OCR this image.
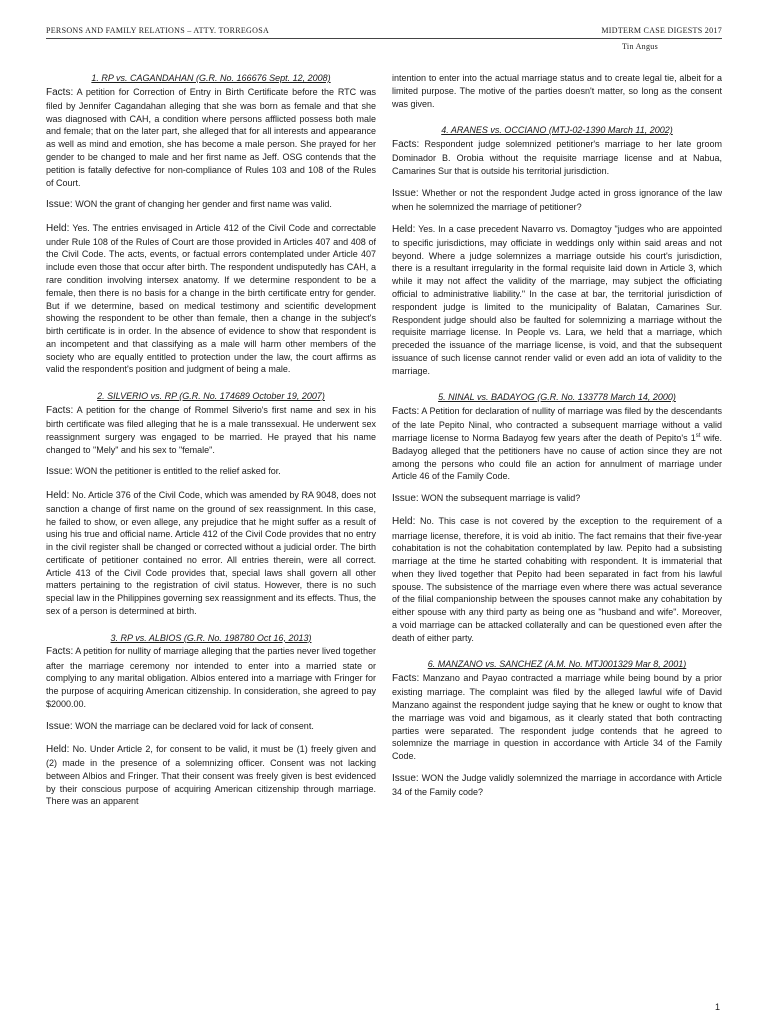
PERSONS AND FAMILY RELATIONS – ATTY. TORREGOSA	MIDTERM CASE DIGESTS 2017
Tin Angus
1. RP vs. CAGANDAHAN (G.R. No. 166676 Sept. 12, 2008)
Facts: A petition for Correction of Entry in Birth Certificate before the RTC was filed by Jennifer Cagandahan alleging that she was born as female and that she was diagnosed with CAH, a condition where persons afflicted possess both male and female; that on the later part, she alleged that for all interests and appearance as well as mind and emotion, she has become a male person. She prayed for her gender to be changed to male and her first name as Jeff. OSG contends that the petition is fatally defective for non-compliance of Rules 103 and 108 of the Rules of Court.
Issue: WON the grant of changing her gender and first name was valid.
Held: Yes. The entries envisaged in Article 412 of the Civil Code and correctable under Rule 108 of the Rules of Court are those provided in Articles 407 and 408 of the Civil Code. The acts, events, or factual errors contemplated under Article 407 include even those that occur after birth. The respondent undisputedly has CAH, a rare condition involving intersex anatomy. If we determine respondent to be a female, then there is no basis for a change in the birth certificate entry for gender. But if we determine, based on medical testimony and scientific development showing the respondent to be other than female, then a change in the subject's birth certificate is in order. In the absence of evidence to show that respondent is an incompetent and that classifying as a male will harm other members of the society who are equally entitled to protection under the law, the court affirms as valid the respondent's position and judgment of being a male.
2. SILVERIO vs. RP (G.R. No. 174689 October 19, 2007)
Facts: A petition for the change of Rommel Silverio's first name and sex in his birth certificate was filed alleging that he is a male transsexual. He underwent sex reassignment surgery was engaged to be married. He prayed that his name changed to "Mely" and his sex to "female".
Issue: WON the petitioner is entitled to the relief asked for.
Held: No. Article 376 of the Civil Code, which was amended by RA 9048, does not sanction a change of first name on the ground of sex reassignment. In this case, he failed to show, or even allege, any prejudice that he might suffer as a result of using his true and official name. Article 412 of the Civil Code provides that no entry in the civil register shall be changed or corrected without a judicial order. The birth certificate of petitioner contained no error. All entries therein, were all correct. Article 413 of the Civil Code provides that, special laws shall govern all other matters pertaining to the registration of civil status. However, there is no such special law in the Philippines governing sex reassignment and its effects. Thus, the sex of a person is determined at birth.
3. RP vs. ALBIOS (G.R. No. 198780 Oct 16, 2013)
Facts: A petition for nullity of marriage alleging that the parties never lived together after the marriage ceremony nor intended to enter into a married state or complying to any marital obligation. Albios entered into a marriage with Fringer for the purpose of acquiring American citizenship. In consideration, she agreed to pay $2000.00.
Issue: WON the marriage can be declared void for lack of consent.
Held: No. Under Article 2, for consent to be valid, it must be (1) freely given and (2) made in the presence of a solemnizing officer. Consent was not lacking between Albios and Fringer. That their consent was freely given is best evidenced by their conscious purpose of acquiring American citizenship through marriage. There was an apparent
intention to enter into the actual marriage status and to create legal tie, albeit for a limited purpose. The motive of the parties doesn't matter, so long as the consent was given.
4. ARANES vs. OCCIANO (MTJ-02-1390 March 11, 2002)
Facts: Respondent judge solemnized petitioner's marriage to her late groom Dominador B. Orobia without the requisite marriage license and at Nabua, Camarines Sur that is outside his territorial jurisdiction.
Issue: Whether or not the respondent Judge acted in gross ignorance of the law when he solemnized the marriage of petitioner?
Held: Yes. In a case precedent Navarro vs. Domagtoy "judges who are appointed to specific jurisdictions, may officiate in weddings only within said areas and not beyond. Where a judge solemnizes a marriage outside his court's jurisdiction, there is a resultant irregularity in the formal requisite laid down in Article 3, which while it may not affect the validity of the marriage, may subject the officiating official to administrative liability." In the case at bar, the territorial jurisdiction of respondent judge is limited to the municipality of Balatan, Camarines Sur. Respondent judge should also be faulted for solemnizing a marriage without the requisite marriage license. In People vs. Lara, we held that a marriage, which preceded the issuance of the marriage license, is void, and that the subsequent issuance of such license cannot render valid or even add an iota of validity to the marriage.
5. NINAL vs. BADAYOG (G.R. No. 133778 March 14, 2000)
Facts: A Petition for declaration of nullity of marriage was filed by the descendants of the late Pepito Ninal, who contracted a subsequent marriage without a valid marriage license to Norma Badayog few years after the death of Pepito's 1st wife. Badayog alleged that the petitioners have no cause of action since they are not among the persons who could file an action for annulment of marriage under Article 46 of the Family Code.
Issue: WON the subsequent marriage is valid?
Held: No. This case is not covered by the exception to the requirement of a marriage license, therefore, it is void ab initio. The fact remains that their five-year cohabitation is not the cohabitation contemplated by law. Pepito had a subsisting marriage at the time he started cohabiting with respondent. It is immaterial that when they lived together that Pepito had been separated in fact from his lawful spouse. The subsistence of the marriage even where there was actual severance of the filial companionship between the spouses cannot make any cohabitation by either spouse with any third party as being one as "husband and wife". Moreover, a void marriage can be attacked collaterally and can be questioned even after the death of either party.
6. MANZANO vs. SANCHEZ (A.M. No. MTJ001329 Mar 8, 2001)
Facts: Manzano and Payao contracted a marriage while being bound by a prior existing marriage. The complaint was filed by the alleged lawful wife of David Manzano against the respondent judge saying that he knew or ought to know that the marriage was void and bigamous, as it clearly stated that both contracting parties were separated. The respondent judge contends that he agreed to solemnize the marriage in question in accordance with Article 34 of the Family Code.
Issue: WON the Judge validly solemnized the marriage in accordance with Article 34 of the Family code?
1
